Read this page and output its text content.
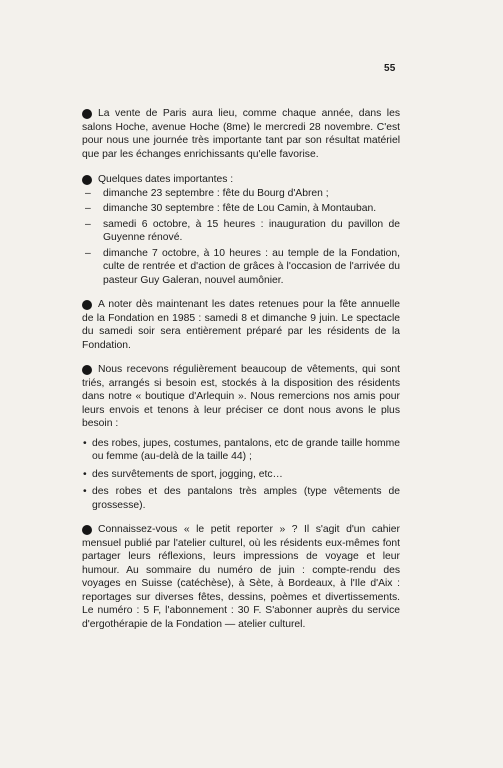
55
La vente de Paris aura lieu, comme chaque année, dans les salons Hoche, avenue Hoche (8me) le mercredi 28 novembre. C'est pour nous une journée très importante tant par son résultat matériel que par les échanges enrichissants qu'elle favorise.
Quelques dates importantes :
– dimanche 23 septembre : fête du Bourg d'Abren ;
– dimanche 30 septembre : fête de Lou Camin, à Montauban.
– samedi 6 octobre, à 15 heures : inauguration du pavillon de Guyenne rénové.
– dimanche 7 octobre, à 10 heures : au temple de la Fondation, culte de rentrée et d'action de grâces à l'occasion de l'arrivée du pasteur Guy Galeran, nouvel aumônier.
A noter dès maintenant les dates retenues pour la fête annuelle de la Fondation en 1985 : samedi 8 et dimanche 9 juin. Le spectacle du samedi soir sera entièrement préparé par les résidents de la Fondation.
Nous recevons régulièrement beaucoup de vêtements, qui sont triés, arrangés si besoin est, stockés à la disposition des résidents dans notre « boutique d'Arlequin ». Nous remercions nos amis pour leurs envois et tenons à leur préciser ce dont nous avons le plus besoin :
• des robes, jupes, costumes, pantalons, etc de grande taille homme ou femme (au-delà de la taille 44) ;
• des survêtements de sport, jogging, etc…
• des robes et des pantalons très amples (type vêtements de grossesse).
Connaissez-vous « le petit reporter » ? Il s'agit d'un cahier mensuel publié par l'atelier culturel, où les résidents eux-mêmes font partager leurs réflexions, leurs impressions de voyage et leur humour. Au sommaire du numéro de juin : compte-rendu des voyages en Suisse (catéchèse), à Sète, à Bordeaux, à l'Ile d'Aix : reportages sur diverses fêtes, dessins, poèmes et divertissements. Le numéro : 5 F, l'abonnement : 30 F. S'abonner auprès du service d'ergothérapie de la Fondation — atelier culturel.
